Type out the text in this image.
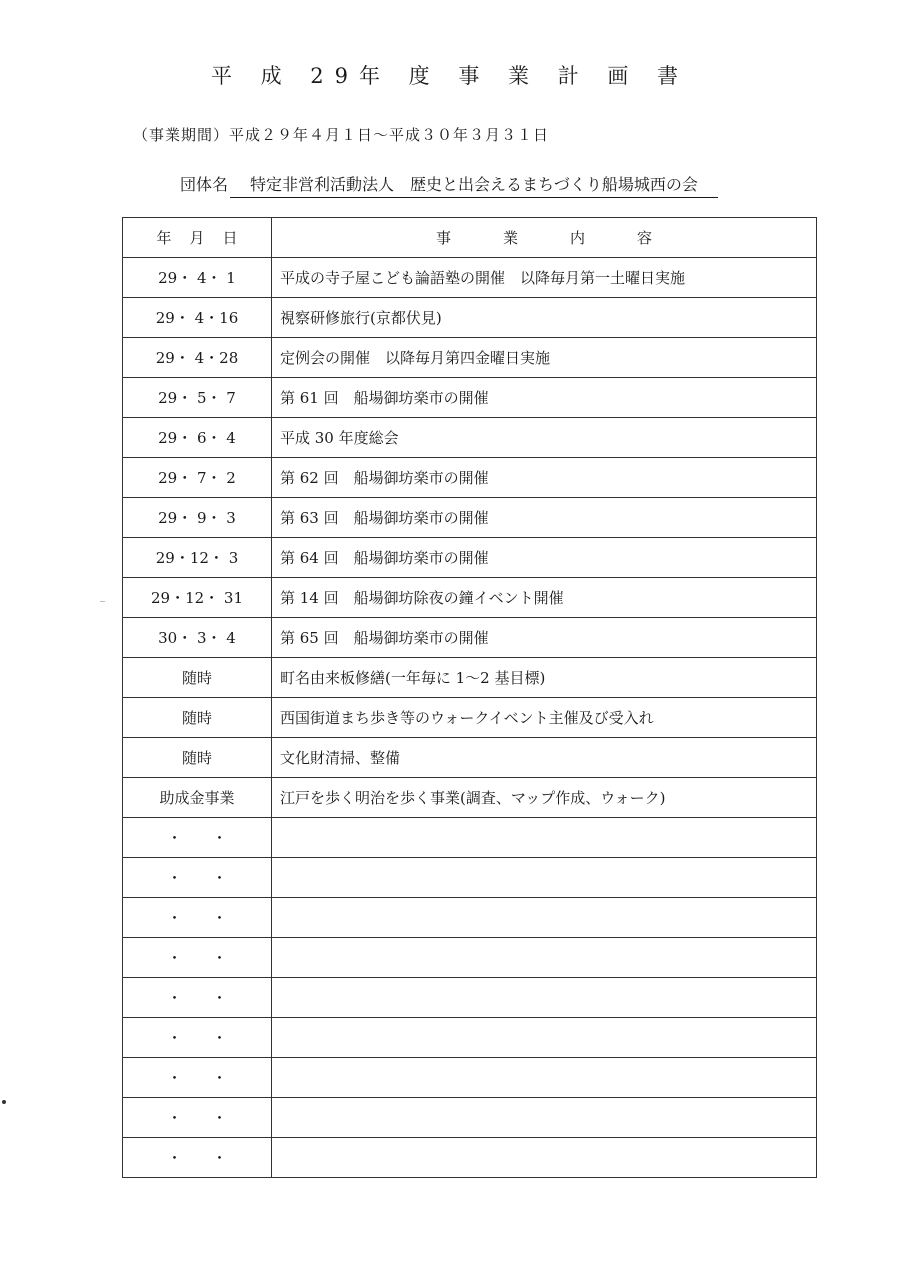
平 成 29年 度 事 業 計 画 書
（事業期間）平成２９年４月１日～平成３０年３月３１日
団体名 特定非営利活動法人　歴史と出会えるまちづくり船場城西の会
年月日	事業内容
29・ 4・ 1	平成の寺子屋こども論語塾の開催　以降毎月第一土曜日実施
29・ 4・16	視察研修旅行(京都伏見)
29・ 4・28	定例会の開催　以降毎月第四金曜日実施
29・ 5・ 7	第 61 回　船場御坊楽市の開催
29・ 6・ 4	平成 30 年度総会
29・ 7・ 2	第 62 回　船場御坊楽市の開催
29・ 9・ 3	第 63 回　船場御坊楽市の開催
29・12・ 3	第 64 回　船場御坊楽市の開催
29・12・ 31	第 14 回　船場御坊除夜の鐘イベント開催
30・ 3・ 4	第 65 回　船場御坊楽市の開催
随時	町名由来板修繕(一年毎に 1～2 基目標)
随時	西国街道まち歩き等のウォークイベント主催及び受入れ
随時	文化財清掃、整備
助成金事業	江戸を歩く明治を歩く事業(調査、マップ作成、ウォーク)
・　　・	
・　　・	
・　　・	
・　　・	
・　　・	
・　　・	
・　　・	
・　　・	
・　　・	
